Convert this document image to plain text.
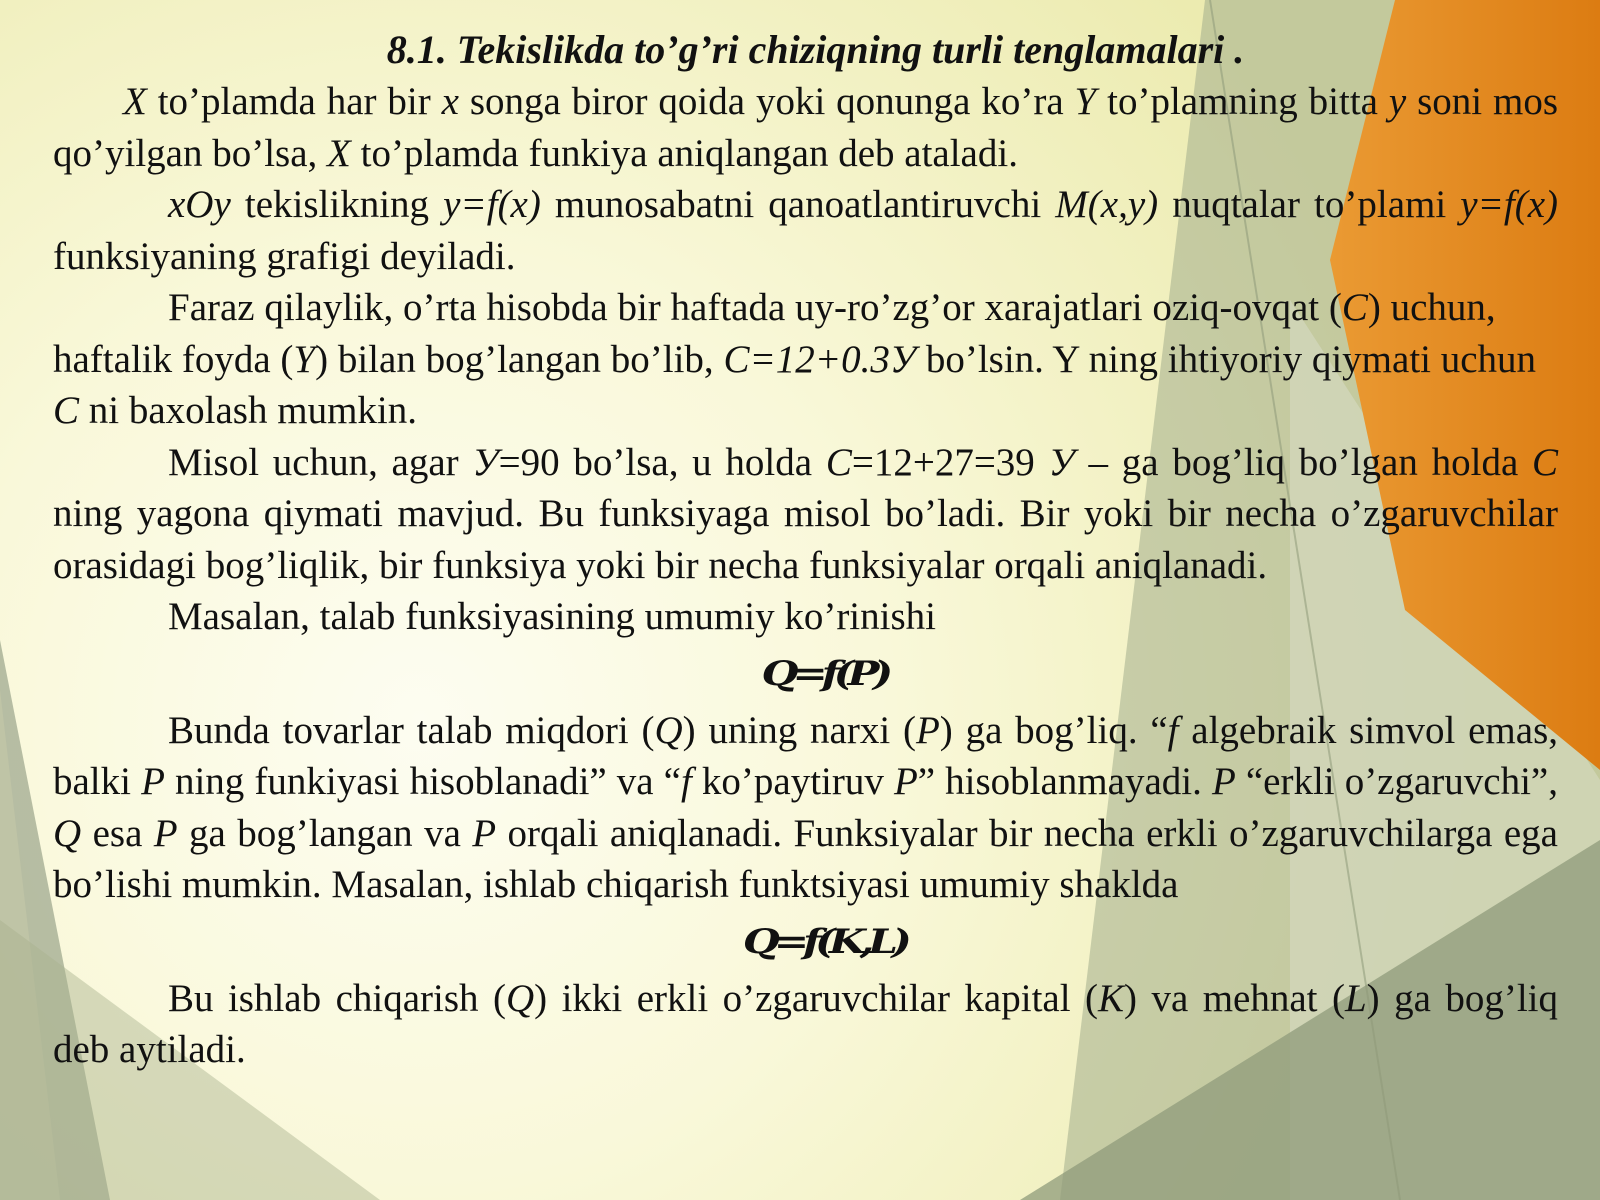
8.1. Tekislikda to’g’ri chiziqning turli tenglamalari .

X to’plamda har bir x songa biror qoida yoki qonunga ko’ra Y to’plamning bitta y soni mos qo’yilgan bo’lsa, X to’plamda funkiya aniqlangan deb ataladi.

xOy tekislikning y=f(x) munosabatni qanoatlantiruvchi M(x,y) nuqtalar to’plami y=f(x) funksiyaning grafigi deyiladi.

Faraz qilaylik, o’rta hisobda bir haftada uy-ro’zg’or xarajatlari oziq-ovqat (C) uchun, haftalik foyda (Y) bilan bog’langan bo’lib, C=12+0.3У bo’lsin. Y ning ihtiyoriy qiymati uchun C ni baxolash mumkin.

Misol uchun, agar У=90 bo’lsa, u holda C=12+27=39 У – ga bog’liq bo’lgan holda C ning yagona qiymati mavjud. Bu funksiyaga misol bo’ladi. Bir yoki bir necha o’zgaruvchilar orasidagi bog’liqlik, bir funksiya yoki bir necha funksiyalar orqali aniqlanadi.

Masalan, talab funksiyasining umumiy ko’rinishi

Q=f(P)

Bunda tovarlar talab miqdori (Q) uning narxi (P) ga bog’liq. “f algebraik simvol emas, balki P ning funkiyasi hisoblanadi” va “f ko’paytiruv P” hisoblanmayadi. P “erkli o’zgaruvchi”, Q esa P ga bog’langan va P orqali aniqlanadi. Funksiyalar bir necha erkli o’zgaruvchilarga ega bo’lishi mumkin. Masalan, ishlab chiqarish funktsiyasi umumiy shaklda

Q=f(K,L)

Bu ishlab chiqarish (Q) ikki erkli o’zgaruvchilar kapital (K) va mehnat (L) ga bog’liq deb aytiladi.
